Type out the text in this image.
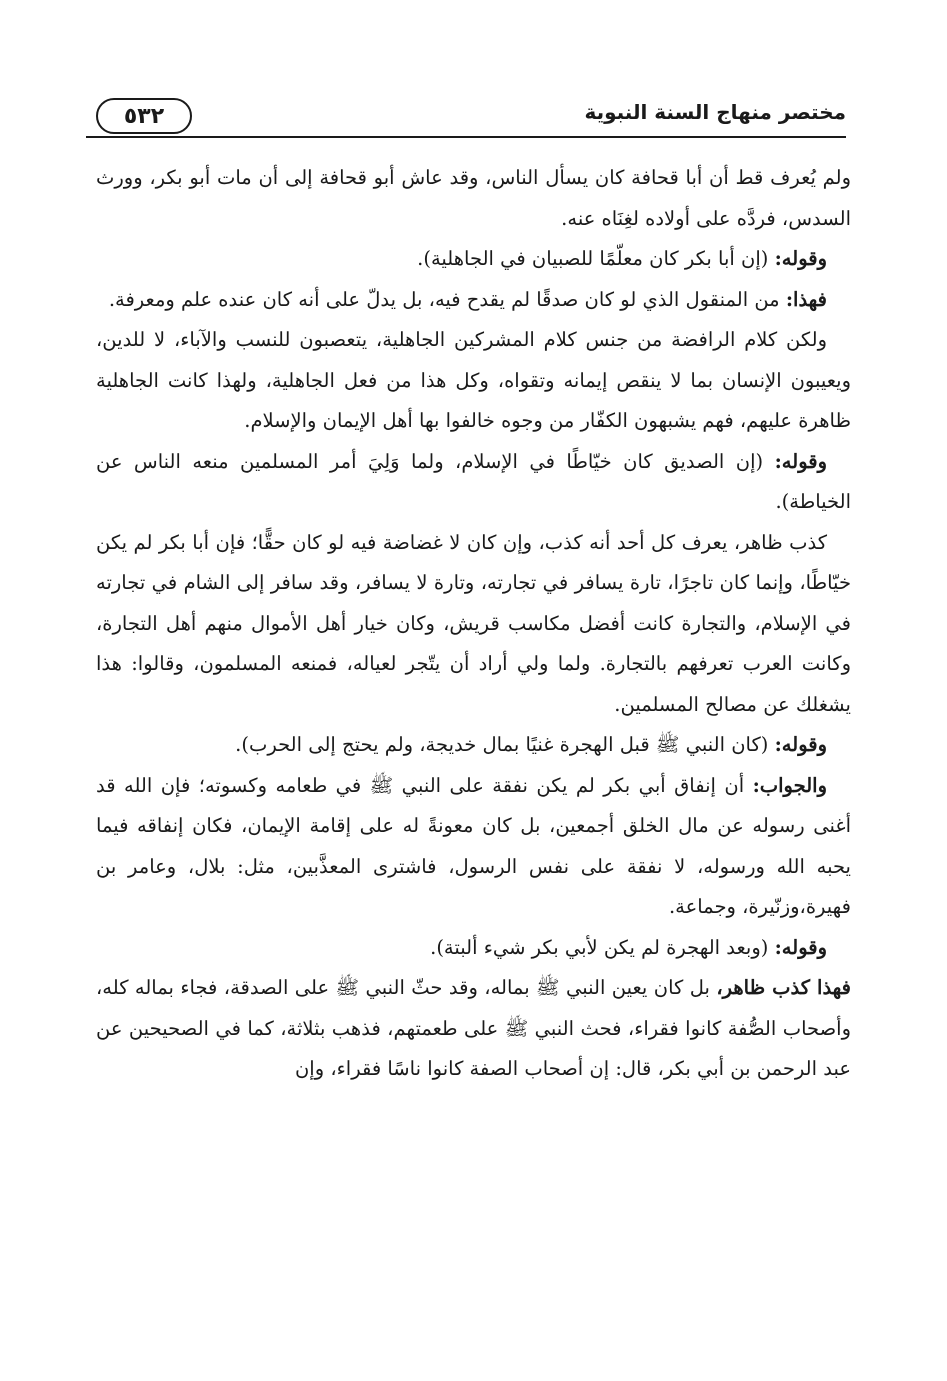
٥٣٢	مختصر منهاج السنة النبوية

ولم يُعرف قط أن أبا قحافة كان يسأل الناس، وقد عاش أبو قحافة إلى أن مات أبو بكر، وورث السدس، فردَّه على أولاده لغِنَاه عنه.

وقوله: (إن أبا بكر كان معلّمًا للصبيان في الجاهلية).

فهذا: من المنقول الذي لو كان صدقًا لم يقدح فيه، بل يدلّ على أنه كان عنده علم ومعرفة.

ولكن كلام الرافضة من جنس كلام المشركين الجاهلية، يتعصبون للنسب والآباء، لا للدين، ويعيبون الإنسان بما لا ينقص إيمانه وتقواه، وكل هذا من فعل الجاهلية، ولهذا كانت الجاهلية ظاهرة عليهم، فهم يشبهون الكفّار من وجوه خالفوا بها أهل الإيمان والإسلام.

وقوله: (إن الصديق كان خيّاطًا في الإسلام، ولما وَلِيَ أمر المسلمين منعه الناس عن الخياطة).

كذب ظاهر، يعرف كل أحد أنه كذب، وإن كان لا غضاضة فيه لو كان حقًّا؛ فإن أبا بكر لم يكن خيّاطًا، وإنما كان تاجرًا، تارة يسافر في تجارته، وتارة لا يسافر، وقد سافر إلى الشام في تجارته في الإسلام، والتجارة كانت أفضل مكاسب قريش، وكان خيار أهل الأموال منهم أهل التجارة، وكانت العرب تعرفهم بالتجارة. ولما ولي أراد أن يتّجر لعياله، فمنعه المسلمون، وقالوا: هذا يشغلك عن مصالح المسلمين.

وقوله: (كان النبي ﷺ قبل الهجرة غنيًا بمال خديجة، ولم يحتج إلى الحرب).

والجواب: أن إنفاق أبي بكر لم يكن نفقة على النبي ﷺ في طعامه وكسوته؛ فإن الله قد أغنى رسوله عن مال الخلق أجمعين، بل كان معونةً له على إقامة الإيمان، فكان إنفاقه فيما يحبه الله ورسوله، لا نفقة على نفس الرسول، فاشترى المعذَّبين، مثل: بلال، وعامر بن فهيرة،وزنّيرة، وجماعة.

وقوله: (وبعد الهجرة لم يكن لأبي بكر شيء ألبتة).

فهذا كذب ظاهر، بل كان يعين النبي ﷺ بماله، وقد حثّ النبي ﷺ على الصدقة، فجاء بماله كله، وأصحاب الصُّفة كانوا فقراء، فحث النبي ﷺ على طعمتهم، فذهب بثلاثة، كما في الصحيحين عن عبد الرحمن بن أبي بكر، قال: إن أصحاب الصفة كانوا ناسًا فقراء، وإن
